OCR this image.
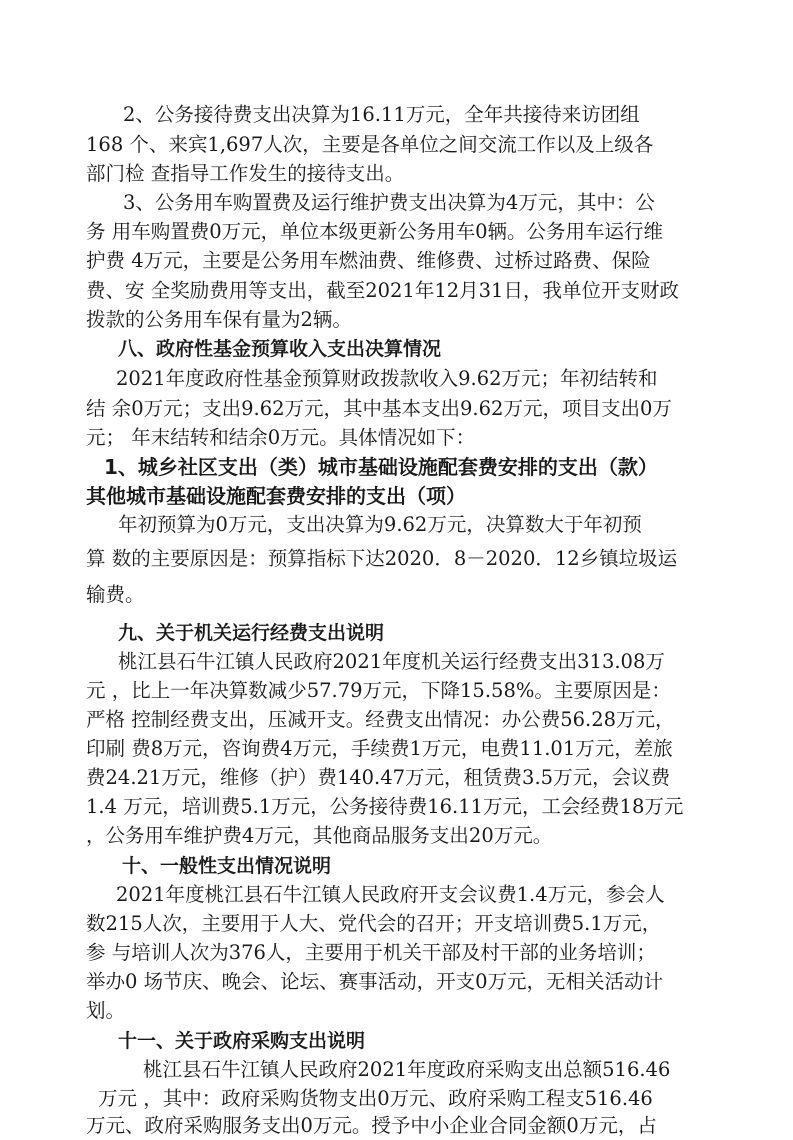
2、公务接待费支出决算为16.11万元，全年共接待来访团组
168 个、来宾1,697人次，主要是各单位之间交流工作以及上级各
部门检 查指导工作发生的接待支出。
3、公务用车购置费及运行维护费支出决算为4万元，其中：公
务 用车购置费0万元，单位本级更新公务用车0辆。公务用车运行维
护费 4万元，主要是公务用车燃油费、维修费、过桥过路费、保险
费、安 全奖励费用等支出，截至2021年12月31日，我单位开支财政
拨款的公务用车保有量为2辆。
八、政府性基金预算收入支出决算情况
2021年度政府性基金预算财政拨款收入9.62万元；年初结转和
结 余0万元；支出9.62万元，其中基本支出9.62万元，项目支出0万
元； 年末结转和结余0万元。具体情况如下：
1、城乡社区支出（类）城市基础设施配套费安排的支出（款）
其他城市基础设施配套费安排的支出（项）
年初预算为0万元，支出决算为9.62万元，决算数大于年初预
算 数的主要原因是：预算指标下达2020．8－2020．12乡镇垃圾运
输费。
九、关于机关运行经费支出说明
桃江县石牛江镇人民政府2021年度机关运行经费支出313.08万
元 ，比上一年决算数减少57.79万元，下降15.58%。主要原因是：
严格 控制经费支出，压减开支。经费支出情况：办公费56.28万元，
印刷 费8万元，咨询费4万元，手续费1万元，电费11.01万元，差旅
费24.21万元，维修（护）费140.47万元，租赁费3.5万元，会议费
1.4 万元，培训费5.1万元，公务接待费16.11万元，工会经费18万元
，公务用车维护费4万元，其他商品服务支出20万元。
十、一般性支出情况说明
2021年度桃江县石牛江镇人民政府开支会议费1.4万元，参会人
数215人次，主要用于人大、党代会的召开；开支培训费5.1万元，
参 与培训人次为376人，主要用于机关干部及村干部的业务培训；
举办0 场节庆、晚会、论坛、赛事活动，开支0万元，无相关活动计
划。
十一、关于政府采购支出说明
桃江县石牛江镇人民政府2021年度政府采购支出总额516.46
万元 ，其中：政府采购货物支出0万元、政府采购工程支516.46
万元、政府采购服务支出0万元。授予中小企业合同金额0万元，占
